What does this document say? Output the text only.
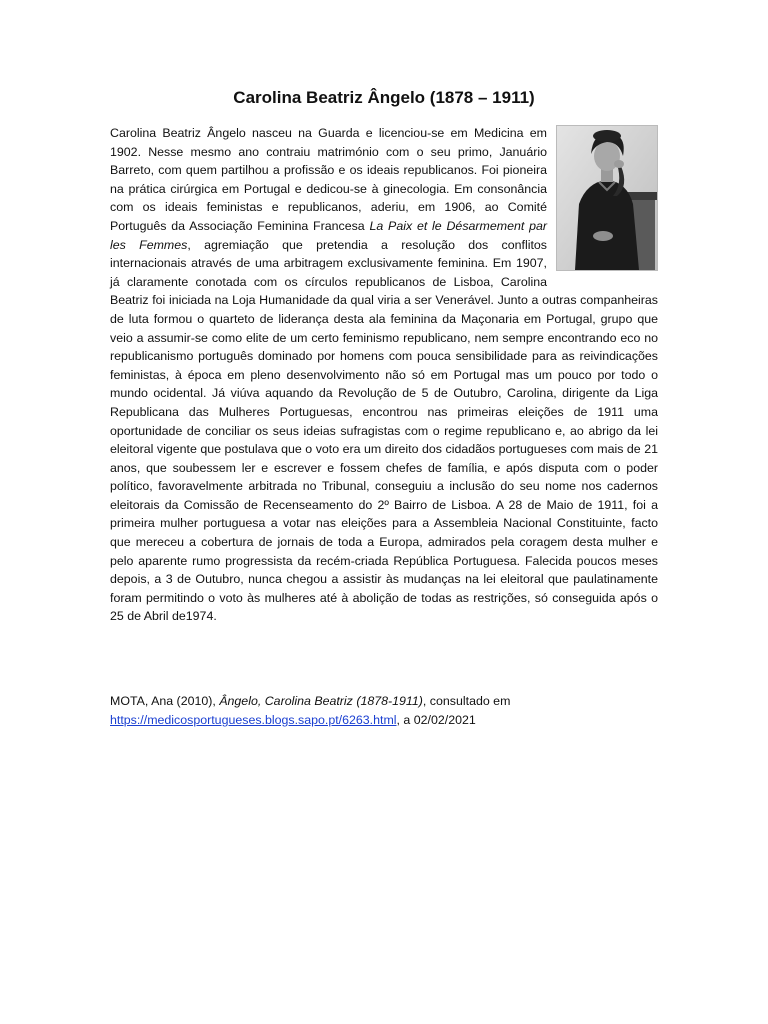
Carolina Beatriz Ângelo (1878 – 1911)
Carolina Beatriz Ângelo nasceu na Guarda e licenciou-se em Medicina em 1902. Nesse mesmo ano contraiu matrimónio com o seu primo, Januário Barreto, com quem partilhou a profissão e os ideais republicanos. Foi pioneira na prática cirúrgica em Portugal e dedicou-se à ginecologia. Em consonância com os ideais feministas e republicanos, aderiu, em 1906, ao Comité Português da Associação Feminina Francesa La Paix et le Désarmement par les Femmes, agremiação que pretendia a resolução dos conflitos internacionais através de uma arbitragem exclusivamente feminina. Em 1907, já claramente conotada com os círculos republicanos de Lisboa, Carolina Beatriz foi iniciada na Loja Humanidade da qual viria a ser Venerável. Junto a outras companheiras de luta formou o quarteto de liderança desta ala feminina da Maçonaria em Portugal, grupo que veio a assumir-se como elite de um certo feminismo republicano, nem sempre encontrando eco no republicanismo português dominado por homens com pouca sensibilidade para as reivindicações feministas, à época em pleno desenvolvimento não só em Portugal mas um pouco por todo o mundo ocidental. Já viúva aquando da Revolução de 5 de Outubro, Carolina, dirigente da Liga Republicana das Mulheres Portuguesas, encontrou nas primeiras eleições de 1911 uma oportunidade de conciliar os seus ideias sufragistas com o regime republicano e, ao abrigo da lei eleitoral vigente que postulava que o voto era um direito dos cidadãos portugueses com mais de 21 anos, que soubessem ler e escrever e fossem chefes de família, e após disputa com o poder político, favoravelmente arbitrada no Tribunal, conseguiu a inclusão do seu nome nos cadernos eleitorais da Comissão de Recenseamento do 2º Bairro de Lisboa. A 28 de Maio de 1911, foi a primeira mulher portuguesa a votar nas eleições para a Assembleia Nacional Constituinte, facto que mereceu a cobertura de jornais de toda a Europa, admirados pela coragem desta mulher e pelo aparente rumo progressista da recém-criada República Portuguesa. Falecida poucos meses depois, a 3 de Outubro, nunca chegou a assistir às mudanças na lei eleitoral que paulatinamente foram permitindo o voto às mulheres até à abolição de todas as restrições, só conseguida após o 25 de Abril de1974.
MOTA, Ana (2010), Ângelo, Carolina Beatriz (1878-1911), consultado em
https://medicosportugueses.blogs.sapo.pt/6263.html, a 02/02/2021
